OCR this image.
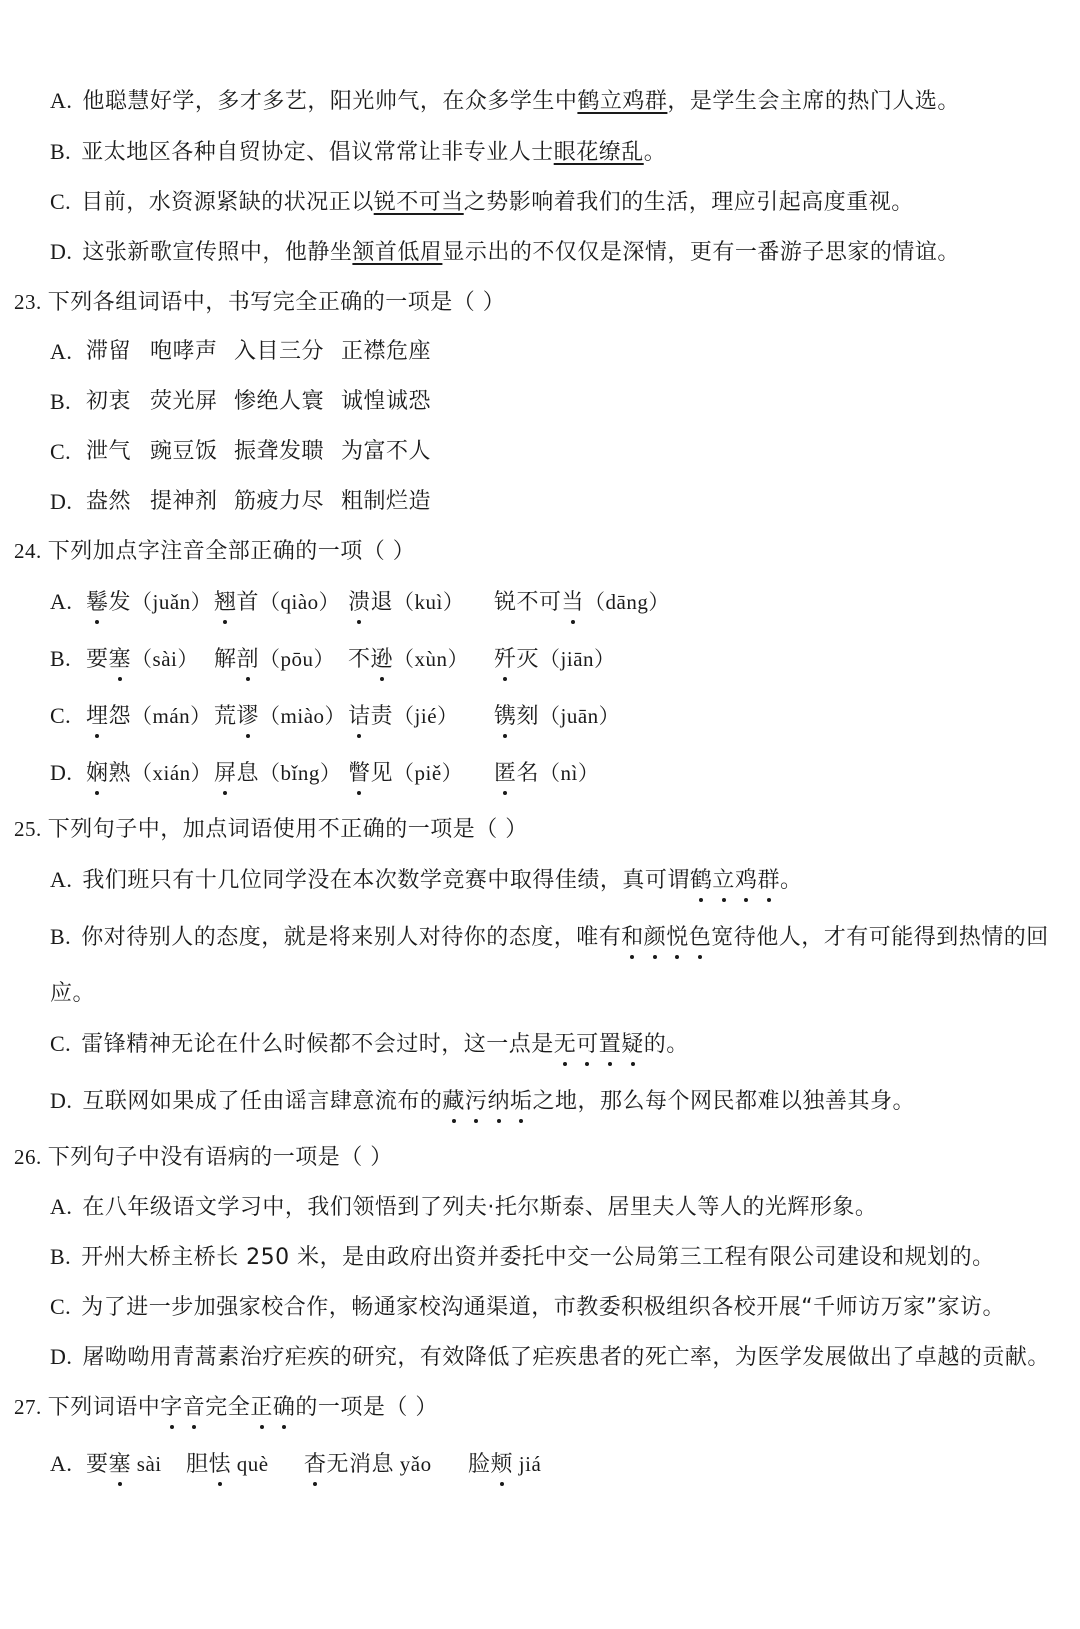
A. 他聪慧好学，多才多艺，阳光帅气，在众多学生中鹤立鸡群，是学生会主席的热门人选。
B. 亚太地区各种自贸协定、倡议常常让非专业人士眼花缭乱。
C. 目前，水资源紧缺的状况正以锐不可当之势影响着我们的生活，理应引起高度重视。
D. 这张新歌宣传照中，他静坐颔首低眉显示出的不仅仅是深情，更有一番游子思家的情谊。
23. 下列各组词语中，书写完全正确的一项是（ ）
A. 滞留 咆哮声 入目三分 正襟危座
B. 初衷 荧光屏 惨绝人寰 诚惶诚恐
C. 泄气 豌豆饭 振聋发聩 为富不人
D. 盎然 提神剂 筋疲力尽 粗制烂造
24. 下列加点字注音全部正确的一项（ ）
A. 鬈发（juǎn） 翘首（qiào） 溃退（kuì） 锐不可当（dāng）
B. 要塞（sài） 解剖（pōu） 不逊（xùn） 歼灭（jiān）
C. 埋怨（mán） 荒谬（miào） 诘责（jié） 镌刻（juān）
D. 娴熟（xián） 屏息（bǐng） 瞥见（piě） 匿名（nì）
25. 下列句子中，加点词语使用不正确的一项是（ ）
A. 我们班只有十几位同学没在本次数学竞赛中取得佳绩，真可谓鹤立鸡群。
B. 你对待别人的态度，就是将来别人对待你的态度，唯有和颜悦色宽待他人，才有可能得到热情的回
应。
C. 雷锋精神无论在什么时候都不会过时，这一点是无可置疑的。
D. 互联网如果成了任由谣言肆意流布的藏污纳垢之地，那么每个网民都难以独善其身。
26. 下列句子中没有语病的一项是（ ）
A. 在八年级语文学习中，我们领悟到了列夫·托尔斯泰、居里夫人等人的光辉形象。
B. 开州大桥主桥长 250 米，是由政府出资并委托中交一公局第三工程有限公司建设和规划的。
C. 为了进一步加强家校合作，畅通家校沟通渠道，市教委积极组织各校开展“千师访万家”家访。
D. 屠呦呦用青蒿素治疗疟疾的研究，有效降低了疟疾患者的死亡率，为医学发展做出了卓越的贡献。
27. 下列词语中字音完全正确的一项是（ ）
A. 要塞 sài 胆怯 què 杳无消息 yǎo 脸颊 jiá
